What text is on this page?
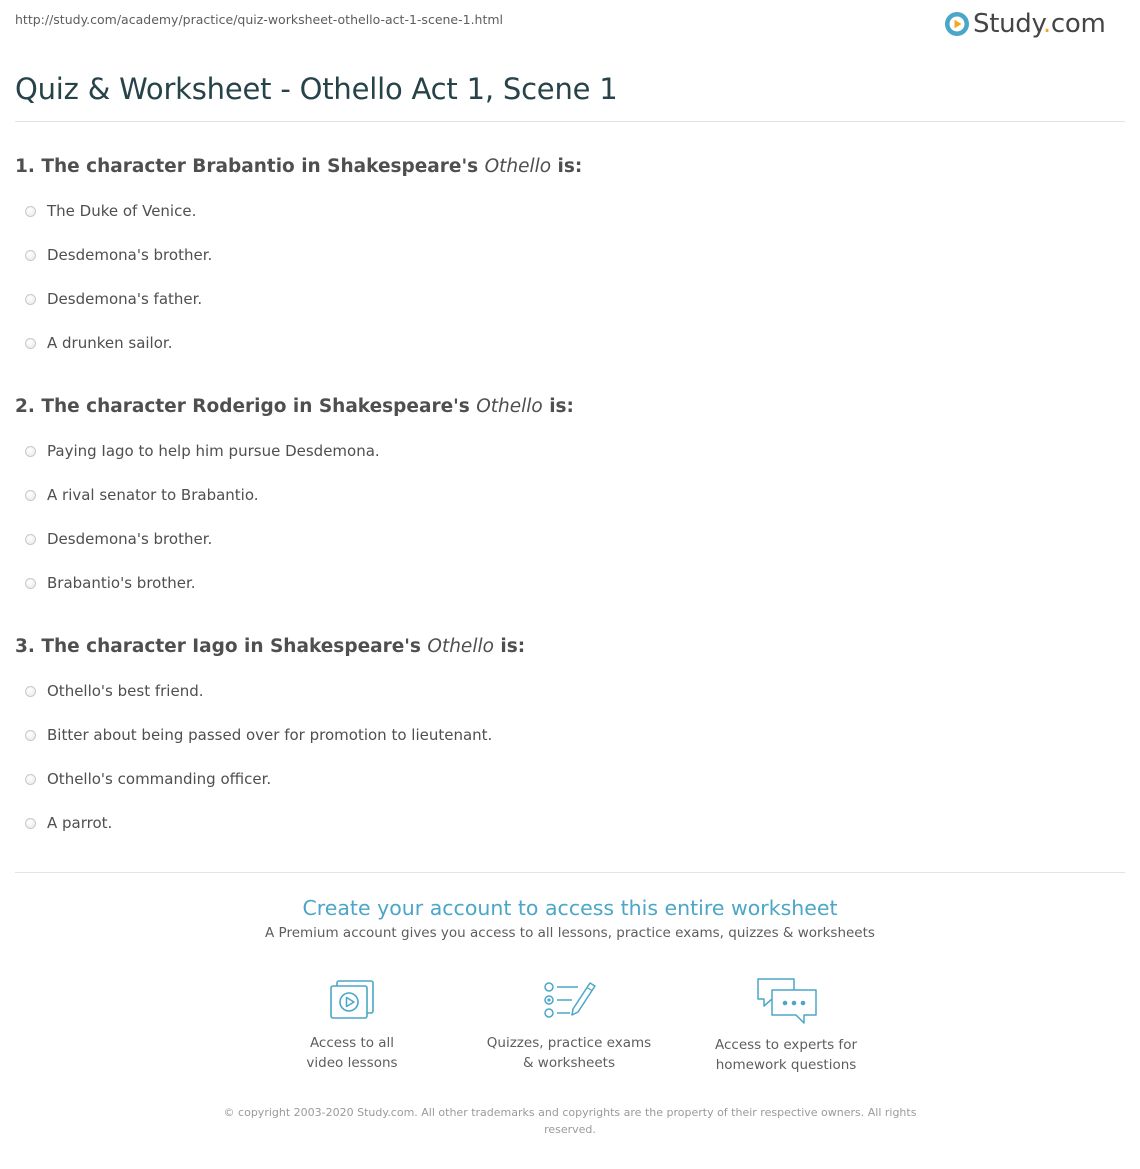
http://study.com/academy/practice/quiz-worksheet-othello-act-1-scene-1.html	Study.com
Quiz & Worksheet - Othello Act 1, Scene 1
1. The character Brabantio in Shakespeare's Othello is:
The Duke of Venice.
Desdemona's brother.
Desdemona's father.
A drunken sailor.
2. The character Roderigo in Shakespeare's Othello is:
Paying Iago to help him pursue Desdemona.
A rival senator to Brabantio.
Desdemona's brother.
Brabantio's brother.
3. The character Iago in Shakespeare's Othello is:
Othello's best friend.
Bitter about being passed over for promotion to lieutenant.
Othello's commanding officer.
A parrot.
Create your account to access this entire worksheet
A Premium account gives you access to all lessons, practice exams, quizzes & worksheets
Access to all
video lessons
Quizzes, practice exams
& worksheets
Access to experts for
homework questions
© copyright 2003-2020 Study.com. All other trademarks and copyrights are the property of their respective owners. All rights reserved.
